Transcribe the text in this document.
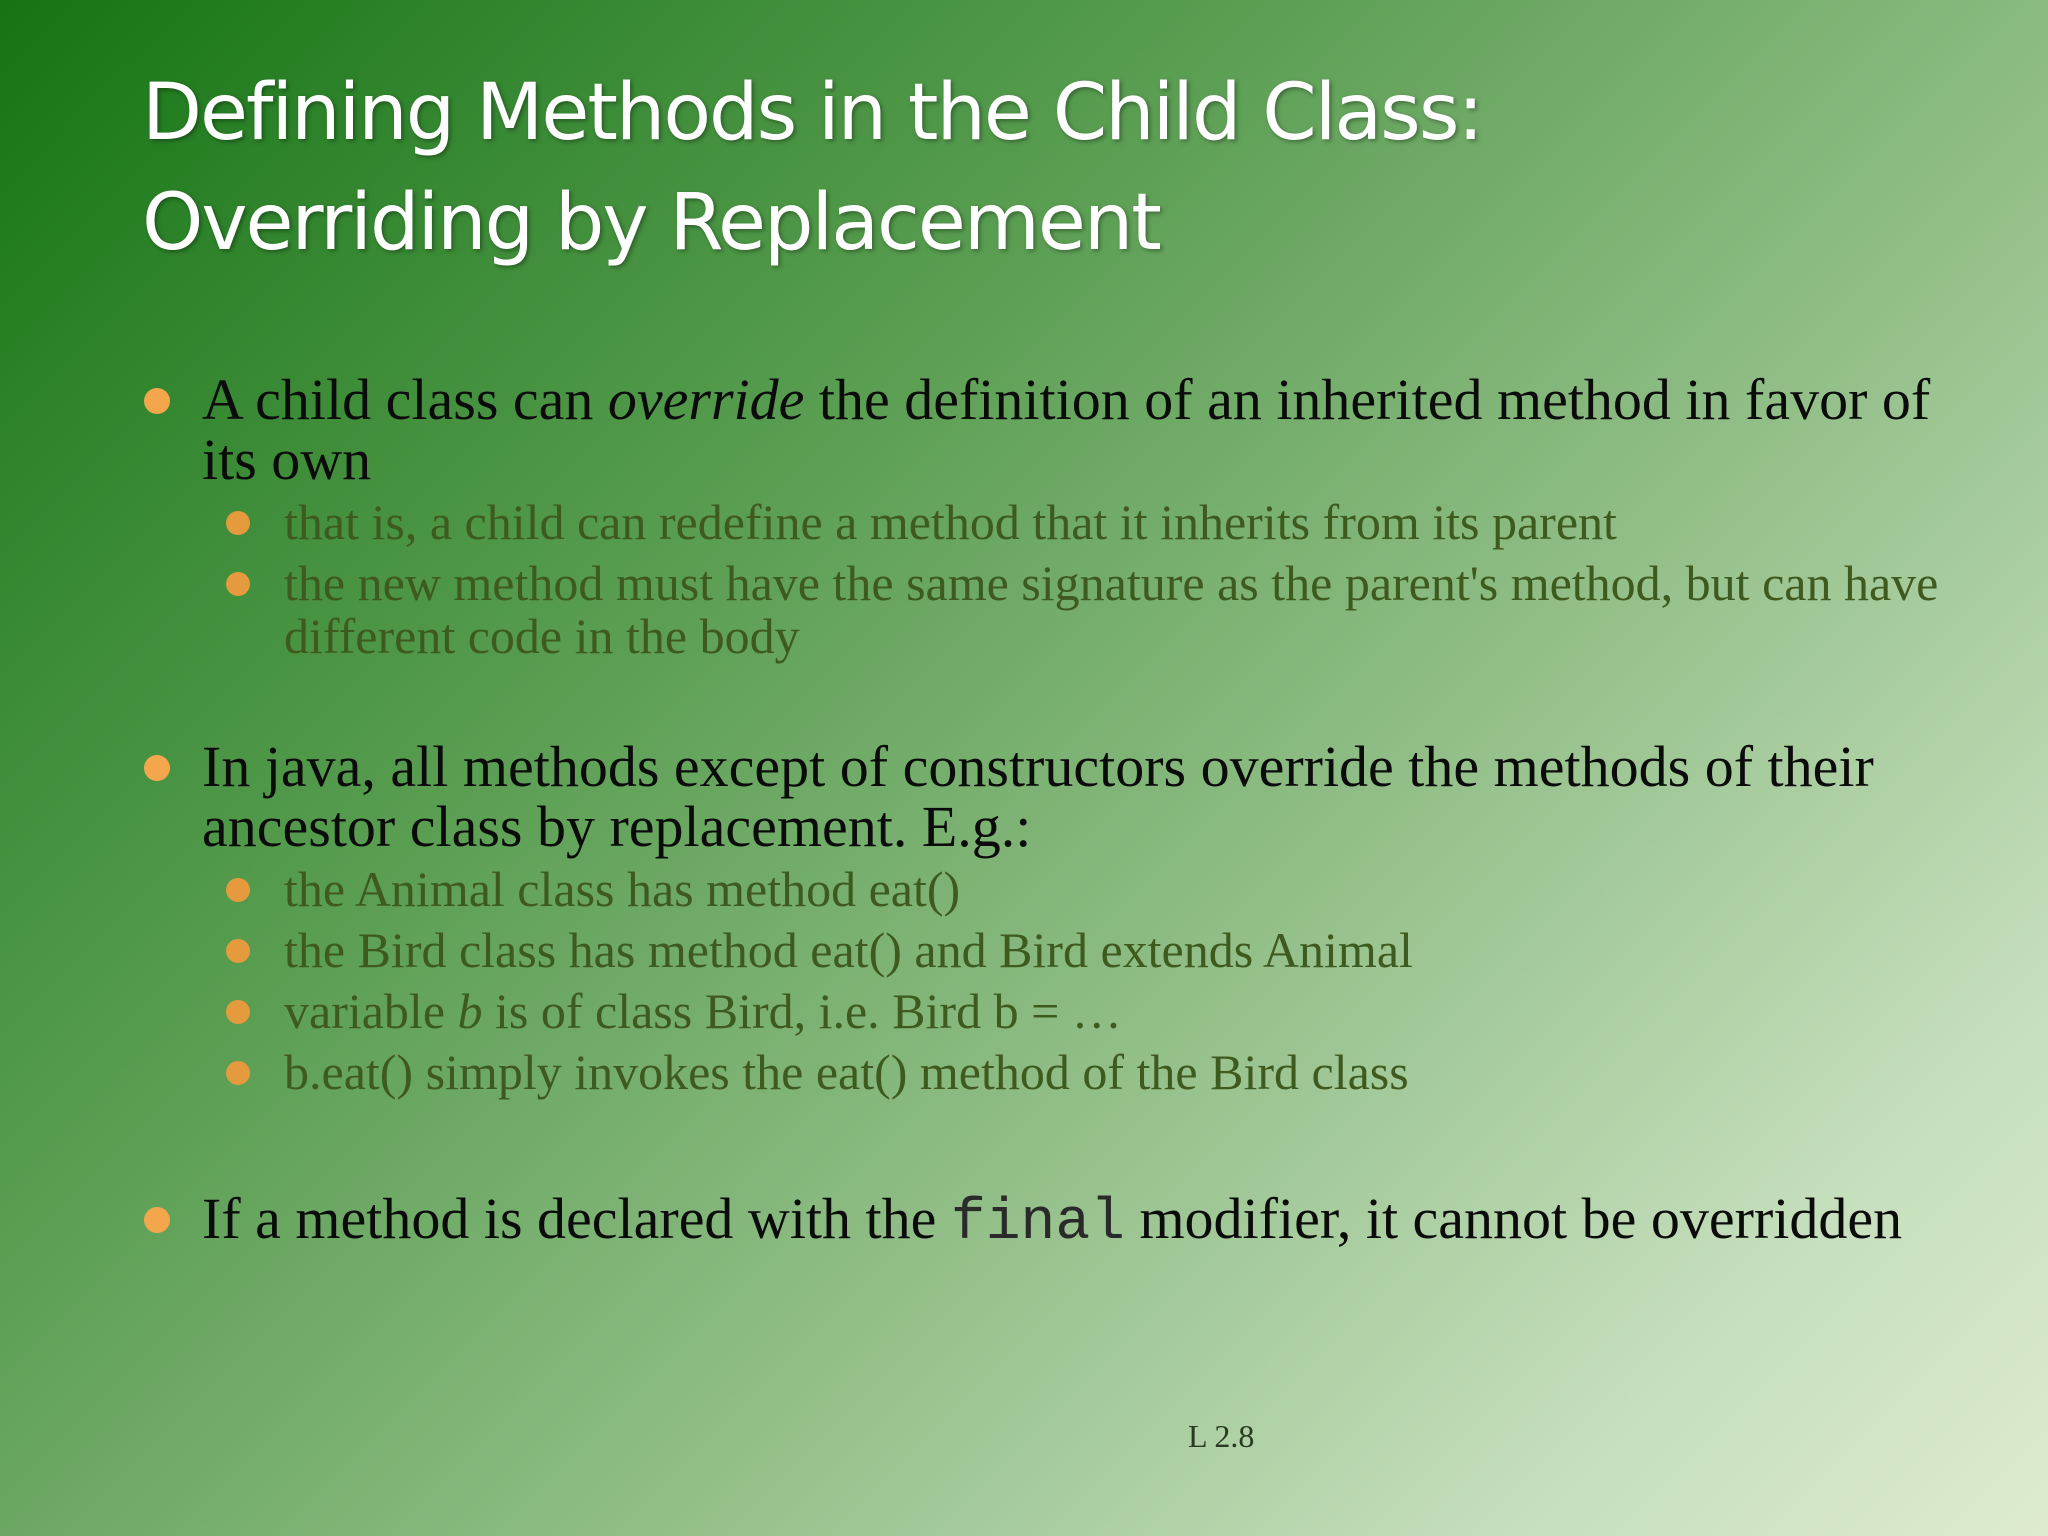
Defining Methods in the Child Class:
Overriding by Replacement
A child class can override the definition of an inherited method in favor of its own
that is, a child can redefine a method that it inherits from its parent
the new method must have the same signature as the parent's method, but can have different code in the body
In java, all methods except of constructors override the methods of their ancestor class by replacement. E.g.:
the Animal class has method eat()
the Bird class has method eat() and Bird extends Animal
variable b is of class Bird, i.e. Bird b = …
b.eat() simply invokes the eat() method of the Bird class
If a method is declared with the final modifier, it cannot be overridden
L 2.8
